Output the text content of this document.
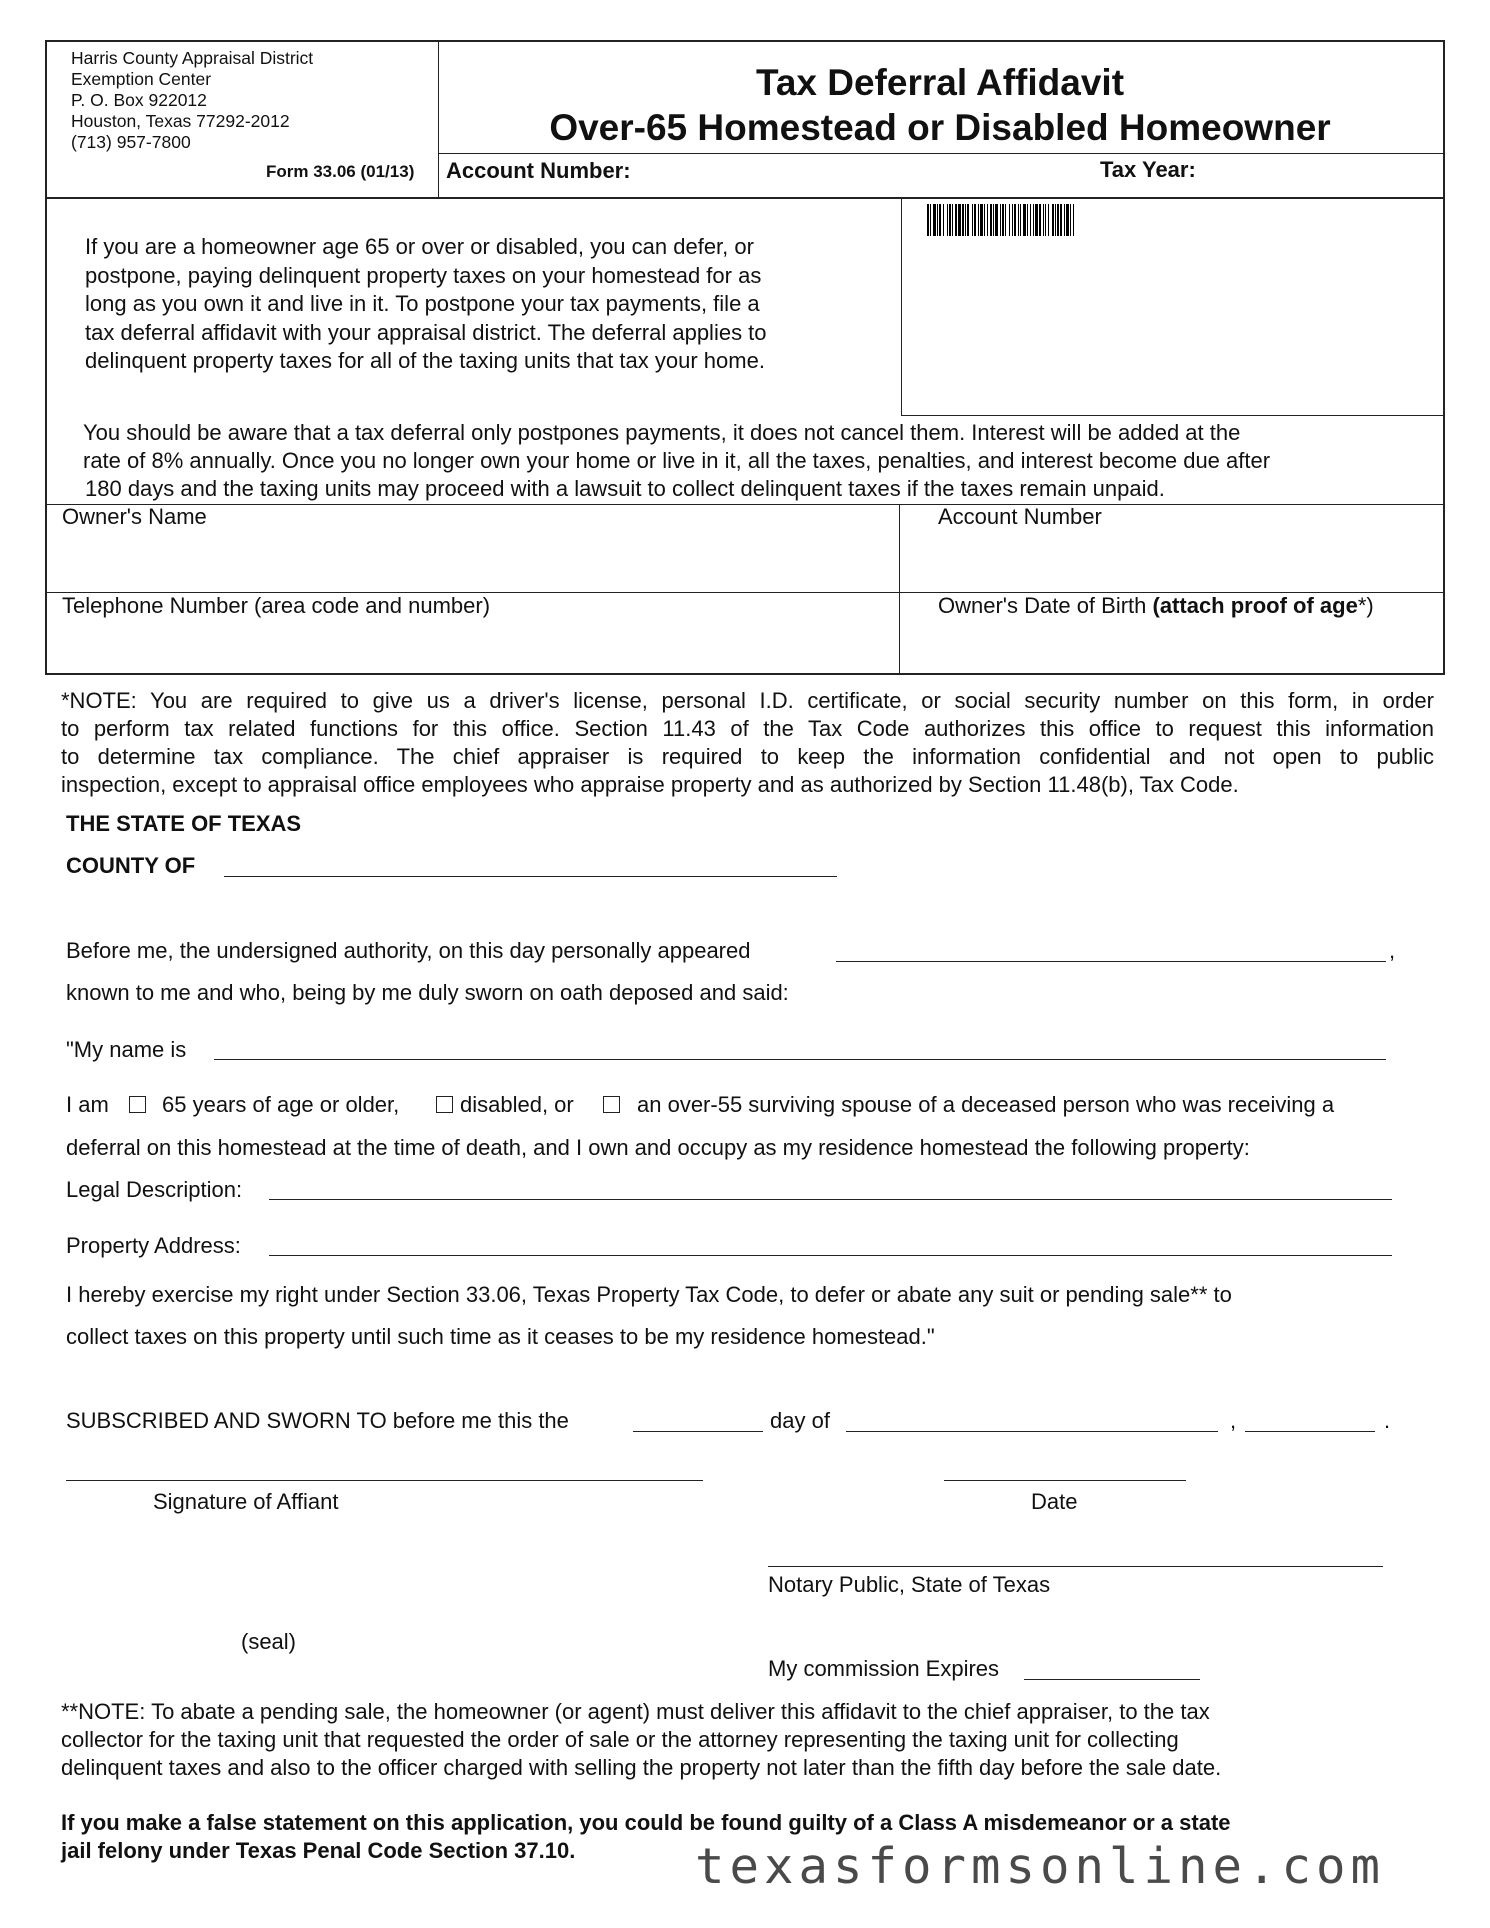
Harris County Appraisal District
Exemption Center
P. O. Box 922012
Houston, Texas 77292-2012
(713) 957-7800
Form 33.06 (01/13)
Tax Deferral Affidavit
Over-65 Homestead or Disabled Homeowner
Account Number:	Tax Year:
If you are a homeowner age 65 or over or disabled, you can defer, or
postpone, paying delinquent property taxes on your homestead for as
long as you own it and live in it. To postpone your tax payments, file a
tax deferral affidavit with your appraisal district. The deferral applies to
delinquent property taxes for all of the taxing units that tax your home.
You should be aware that a tax deferral only postpones payments, it does not cancel them. Interest will be added at the
rate of 8% annually. Once you no longer own your home or live in it, all the taxes, penalties, and interest become due after
180 days and the taxing units may proceed with a lawsuit to collect delinquent taxes if the taxes remain unpaid.
Owner's Name	Account Number
Telephone Number (area code and number)	Owner's Date of Birth (attach proof of age*)
*NOTE: You are required to give us a driver's license, personal I.D. certificate, or social security number on this form, in order
to perform tax related functions for this office. Section 11.43 of the Tax Code authorizes this office to request this information
to determine tax compliance. The chief appraiser is required to keep the information confidential and not open to public
inspection, except to appraisal office employees who appraise property and as authorized by Section 11.48(b), Tax Code.
THE STATE OF TEXAS
COUNTY OF
Before me, the undersigned authority, on this day personally appeared	,
known to me and who, being by me duly sworn on oath deposed and said:
"My name is
I am 65 years of age or older,	disabled, or	an over-55 surviving spouse of a deceased person who was receiving a
deferral on this homestead at the time of death, and I own and occupy as my residence homestead the following property:
Legal Description:
Property Address:
I hereby exercise my right under Section 33.06, Texas Property Tax Code, to defer or abate any suit or pending sale** to
collect taxes on this property until such time as it ceases to be my residence homestead."
SUBSCRIBED AND SWORN TO before me this the	day of	,	.
Signature of Affiant	Date
Notary Public, State of Texas
(seal)
My commission Expires
**NOTE: To abate a pending sale, the homeowner (or agent) must deliver this affidavit to the chief appraiser, to the tax
collector for the taxing unit that requested the order of sale or the attorney representing the taxing unit for collecting
delinquent taxes and also to the officer charged with selling the property not later than the fifth day before the sale date.
If you make a false statement on this application, you could be found guilty of a Class A misdemeanor or a state
jail felony under Texas Penal Code Section 37.10.	texasformsonline.com
